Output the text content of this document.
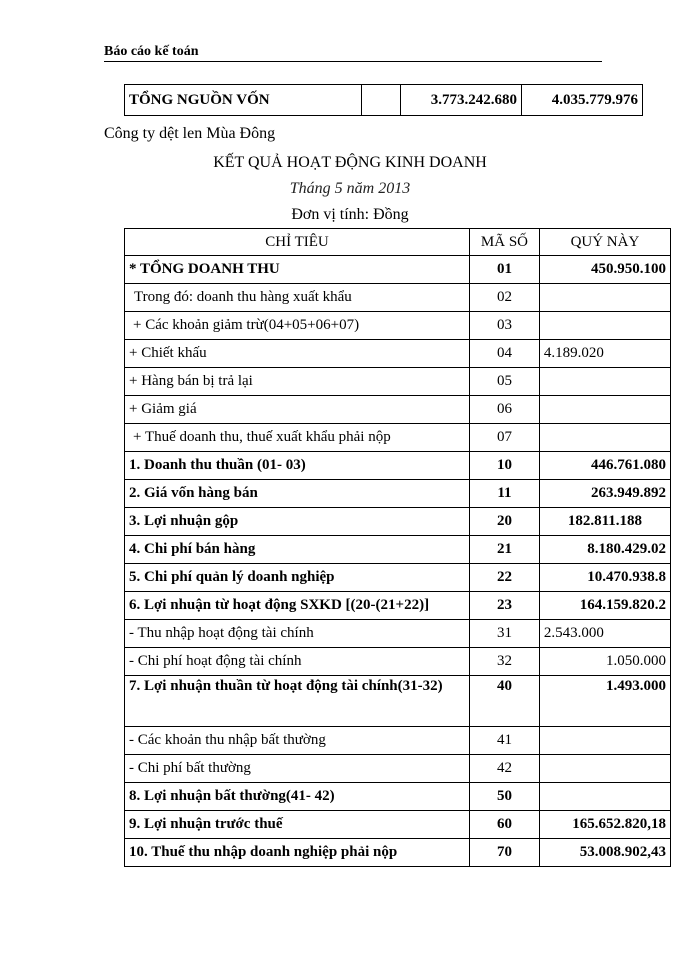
Báo cáo kế toán
TỔNG NGUỒN VỐN		3.773.242.680	4.035.779.976
Công ty dệt len Mùa Đông
KẾT QUẢ HOẠT ĐỘNG KINH DOANH
Tháng 5 năm 2013
Đơn vị tính: Đồng
CHỈ TIÊU	MÃ SỐ	QUÝ NÀY
* TỔNG DOANH THU	01	450.950.100
Trong đó: doanh thu hàng xuất khẩu	02	
+ Các khoản giảm trừ(04+05+06+07)	03	
+ Chiết khấu	04	4.189.020
+ Hàng bán bị trả lại	05	
+ Giảm giá	06	
+ Thuế doanh thu, thuế xuất khẩu phải nộp	07	
1. Doanh thu thuần (01- 03)	10	446.761.080
2. Giá vốn hàng bán	11	263.949.892
3. Lợi nhuận gộp	20	182.811.188
4. Chi phí bán hàng	21	8.180.429.02
5. Chi phí quản lý doanh nghiệp	22	10.470.938.8
6. Lợi nhuận từ hoạt động SXKD [(20-(21+22)]	23	164.159.820.2
- Thu nhập hoạt động tài chính	31	2.543.000
- Chi phí hoạt động tài chính	32	1.050.000
7. Lợi nhuận thuần từ hoạt động tài chính(31-32)	40	1.493.000
- Các khoản thu nhập bất thường	41	
- Chi phí bất thường	42	
8. Lợi nhuận bất thường(41- 42)	50	
9. Lợi nhuận trước thuế	60	165.652.820,18
10. Thuế thu nhập doanh nghiệp phải nộp	70	53.008.902,43
